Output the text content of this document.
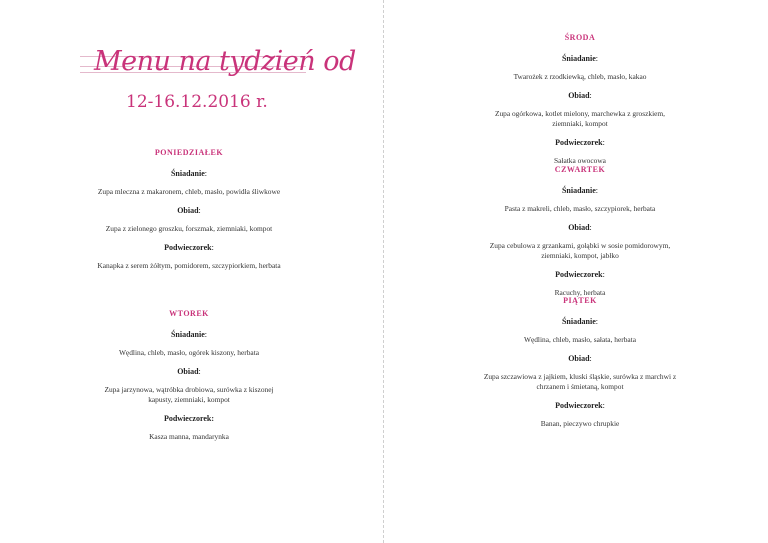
Menu na tydzień od
12-16.12.2016 r.
PONIEDZIAŁEK
Śniadanie:
Zupa mleczna z makaronem, chleb, masło, powidła śliwkowe
Obiad:
Zupa z zielonego groszku, forszmak, ziemniaki, kompot
Podwieczorek:
Kanapka z serem żółtym, pomidorem, szczypiorkiem, herbata
WTOREK
Śniadanie:
Wędlina, chleb, masło, ogórek kiszony, herbata
Obiad:
Zupa jarzynowa, wątróbka drobiowa, surówka z kiszonej kapusty, ziemniaki, kompot
Podwieczorek:
Kasza manna, mandarynka
ŚRODA
Śniadanie:
Twarożek z rzodkiewką, chleb, masło, kakao
Obiad:
Zupa ogórkowa, kotlet mielony, marchewka z groszkiem, ziemniaki, kompot
Podwieczorek:
Sałatka owocowa
CZWARTEK
Śniadanie:
Pasta z makreli, chleb, masło, szczypiorek, herbata
Obiad:
Zupa cebulowa z grzankami, gołąbki w sosie pomidorowym, ziemniaki, kompot, jabłko
Podwieczorek:
Racuchy, herbata
PIĄTEK
Śniadanie:
Wędlina, chleb, masło, sałata, herbata
Obiad:
Zupa szczawiowa z jajkiem, kluski śląskie, surówka z marchwi z chrzanem i śmietaną, kompot
Podwieczorek:
Banan, pieczywo chrupkie
